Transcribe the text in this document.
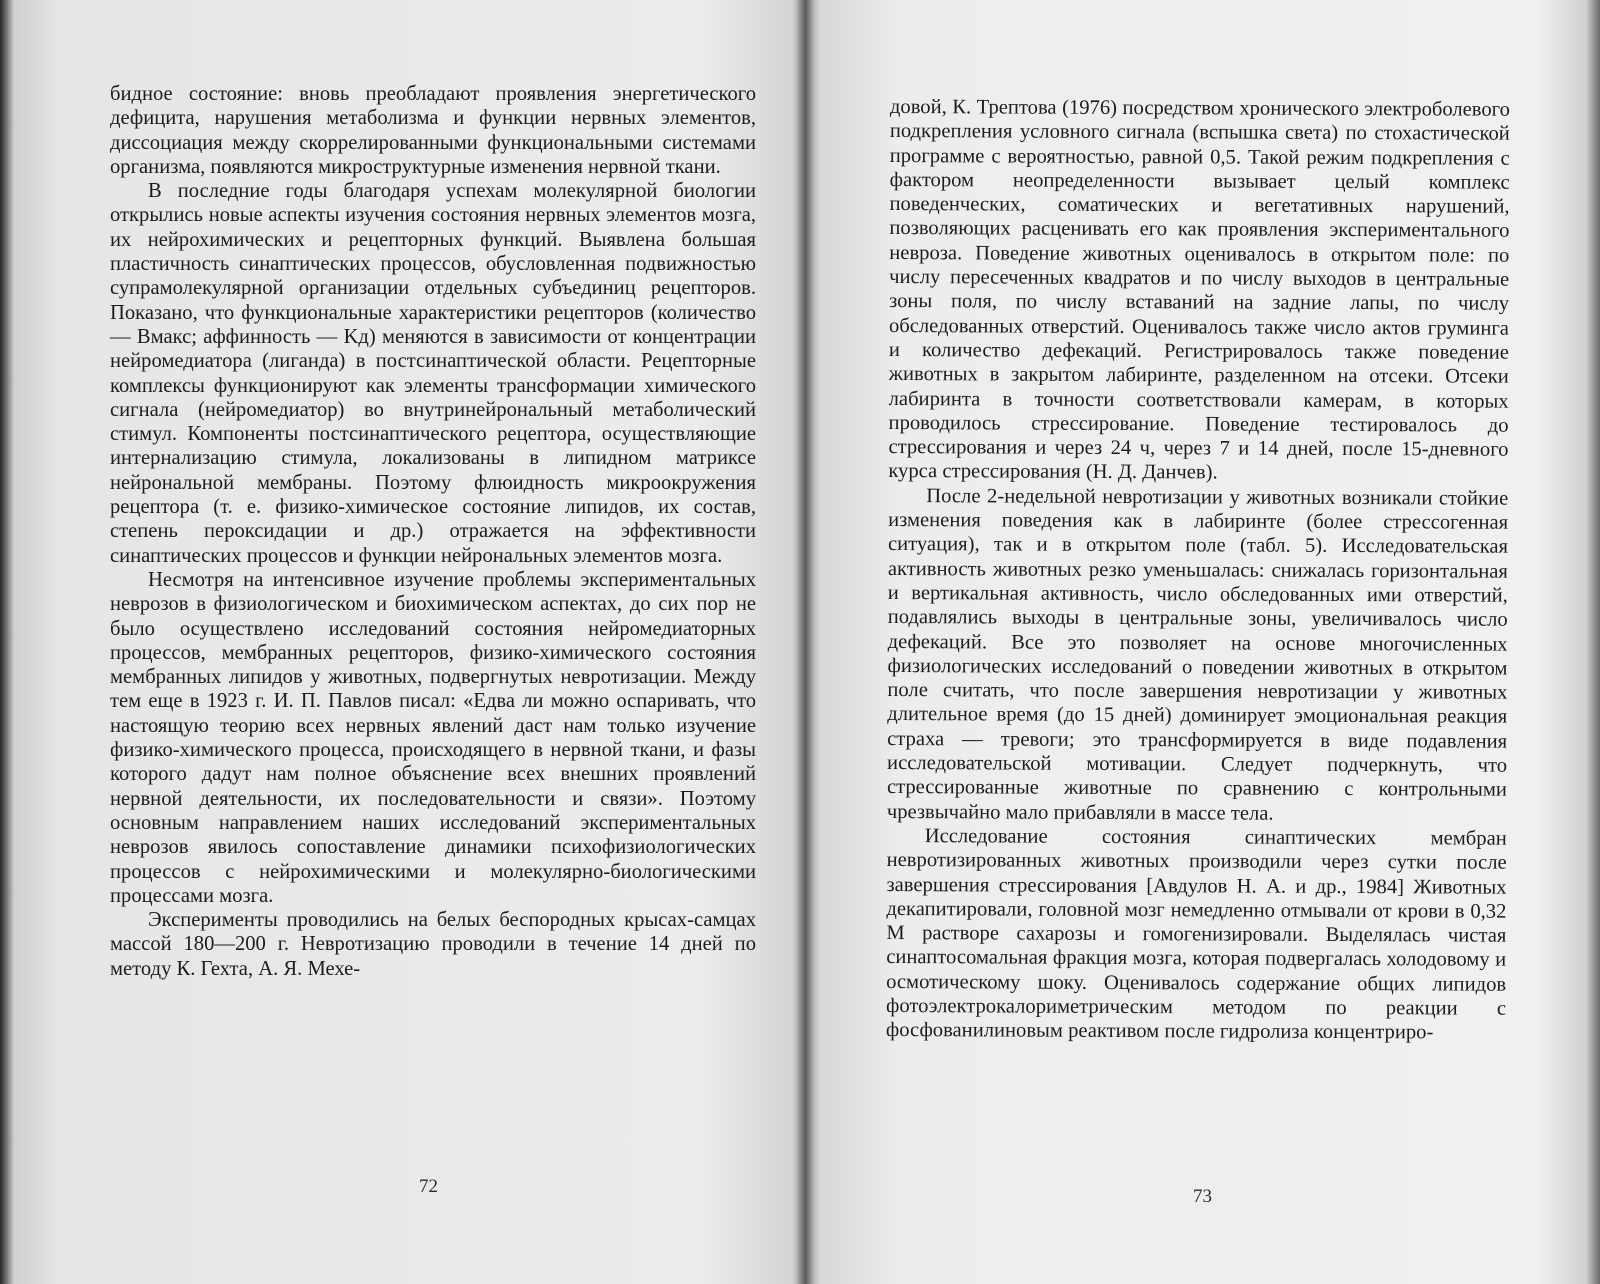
бидное состояние: вновь преобладают проявления энергетического дефицита, нарушения метаболизма и функции нервных элементов, диссоциация между скоррелированными функциональными системами организма, появляются микроструктурные изменения нервной ткани.

В последние годы благодаря успехам молекулярной биологии открылись новые аспекты изучения состояния нервных элементов мозга, их нейрохимических и рецепторных функций. Выявлена большая пластичность синаптических процессов, обусловленная подвижностью супрамолекулярной организации отдельных субъединиц рецепторов. Показано, что функциональные характеристики рецепторов (количество — Bмакс; аффинность — Kд) меняются в зависимости от концентрации нейромедиатора (лиганда) в постсинаптической области. Рецепторные комплексы функционируют как элементы трансформации химического сигнала (нейромедиатор) во внутринейрональный метаболический стимул. Компоненты постсинаптического рецептора, осуществляющие интернализацию стимула, локализованы в липидном матриксе нейрональной мембраны. Поэтому флюидность микроокружения рецептора (т. е. физико-химическое состояние липидов, их состав, степень пероксидации и др.) отражается на эффективности синаптических процессов и функции нейрональных элементов мозга.

Несмотря на интенсивное изучение проблемы экспериментальных неврозов в физиологическом и биохимическом аспектах, до сих пор не было осуществлено исследований состояния нейромедиаторных процессов, мембранных рецепторов, физико-химического состояния мембранных липидов у животных, подвергнутых невротизации. Между тем еще в 1923 г. И. П. Павлов писал: «Едва ли можно оспаривать, что настоящую теорию всех нервных явлений даст нам только изучение физико-химического процесса, происходящего в нервной ткани, и фазы которого дадут нам полное объяснение всех внешних проявлений нервной деятельности, их последовательности и связи». Поэтому основным направлением наших исследований экспериментальных неврозов явилось сопоставление динамики психофизиологических процессов с нейрохимическими и молекулярно-биологическими процессами мозга.

Эксперименты проводились на белых беспородных крысах-самцах массой 180—200 г. Невротизацию проводили в течение 14 дней по методу К. Гехта, А. Я. Мехе-

72

довой, К. Трептова (1976) посредством хронического электроболевого подкрепления условного сигнала (вспышка света) по стохастической программе с вероятностью, равной 0,5. Такой режим подкрепления с фактором неопределенности вызывает целый комплекс поведенческих, соматических и вегетативных нарушений, позволяющих расценивать его как проявления экспериментального невроза. Поведение животных оценивалось в открытом поле: по числу пересеченных квадратов и по числу выходов в центральные зоны поля, по числу вставаний на задние лапы, по числу обследованных отверстий. Оценивалось также число актов груминга и количество дефекаций. Регистрировалось также поведение животных в закрытом лабиринте, разделенном на отсеки. Отсеки лабиринта в точности соответствовали камерам, в которых проводилось стрессирование. Поведение тестировалось до стрессирования и через 24 ч, через 7 и 14 дней, после 15-дневного курса стрессирования (Н. Д. Данчев).

После 2-недельной невротизации у животных возникали стойкие изменения поведения как в лабиринте (более стрессогенная ситуация), так и в открытом поле (табл. 5). Исследовательская активность животных резко уменьшалась: снижалась горизонтальная и вертикальная активность, число обследованных ими отверстий, подавлялись выходы в центральные зоны, увеличивалось число дефекаций. Все это позволяет на основе многочисленных физиологических исследований о поведении животных в открытом поле считать, что после завершения невротизации у животных длительное время (до 15 дней) доминирует эмоциональная реакция страха — тревоги; это трансформируется в виде подавления исследовательской мотивации. Следует подчеркнуть, что стрессированные животные по сравнению с контрольными чрезвычайно мало прибавляли в массе тела.

Исследование состояния синаптических мембран невротизированных животных производили через сутки после завершения стрессирования [Авдулов Н. А. и др., 1984] Животных декапитировали, головной мозг немедленно отмывали от крови в 0,32 М растворе сахарозы и гомогенизировали. Выделялась чистая синаптосомальная фракция мозга, которая подвергалась холодовому и осмотическому шоку. Оценивалось содержание общих липидов фотоэлектрокалориметрическим методом по реакции с фосфованилиновым реактивом после гидролиза концентриро-

73
